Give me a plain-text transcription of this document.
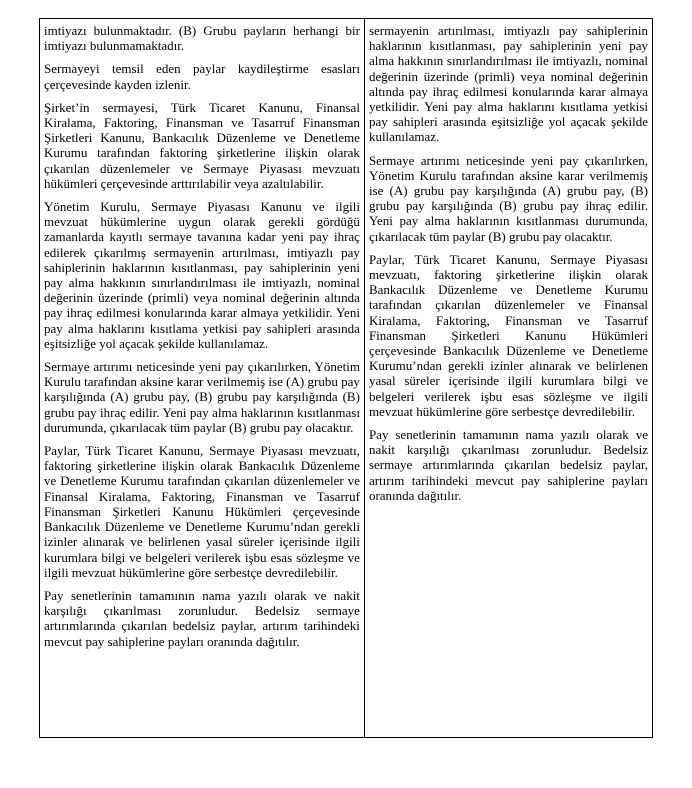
imtiyazı bulunmaktadır. (B) Grubu payların herhangi bir imtiyazı bulunmamaktadır.

Sermayeyi temsil eden paylar kaydileştirme esasları çerçevesinde kayden izlenir.

Şirket’in sermayesi, Türk Ticaret Kanunu, Finansal Kiralama, Faktoring, Finansman ve Tasarruf Finansman Şirketleri Kanunu, Bankacılık Düzenleme ve Denetleme Kurumu tarafından faktoring şirketlerine ilişkin olarak çıkarılan düzenlemeler ve Sermaye Piyasası mevzuatı hükümleri çerçevesinde arttırılabilir veya azaltılabilir.

Yönetim Kurulu, Sermaye Piyasası Kanunu ve ilgili mevzuat hükümlerine uygun olarak gerekli gördüğü zamanlarda kayıtlı sermaye tavanına kadar yeni pay ihraç edilerek çıkarılmış sermayenin artırılması, imtiyazlı pay sahiplerinin haklarının kısıtlanması, pay sahiplerinin yeni pay alma hakkının sınırlandırılması ile imtiyazlı, nominal değerinin üzerinde (primli) veya nominal değerinin altında pay ihraç edilmesi konularında karar almaya yetkilidir. Yeni pay alma haklarını kısıtlama yetkisi pay sahipleri arasında eşitsizliğe yol açacak şekilde kullanılamaz.

Sermaye artırımı neticesinde yeni pay çıkarılırken, Yönetim Kurulu tarafından aksine karar verilmemiş ise (A) grubu pay karşılığında (A) grubu pay, (B) grubu pay karşılığında (B) grubu pay ihraç edilir. Yeni pay alma haklarının kısıtlanması durumunda, çıkarılacak tüm paylar (B) grubu pay olacaktır.

Paylar, Türk Ticaret Kanunu, Sermaye Piyasası mevzuatı, faktoring şirketlerine ilişkin olarak Bankacılık Düzenleme ve Denetleme Kurumu tarafından çıkarılan düzenlemeler ve Finansal Kiralama, Faktoring, Finansman ve Tasarruf Finansman Şirketleri Kanunu Hükümleri çerçevesinde Bankacılık Düzenleme ve Denetleme Kurumu’ndan gerekli izinler alınarak ve belirlenen yasal süreler içerisinde ilgili kurumlara bilgi ve belgeleri verilerek işbu esas sözleşme ve ilgili mevzuat hükümlerine göre serbestçe devredilebilir.

Pay senetlerinin tamamının nama yazılı olarak ve nakit karşılığı çıkarılması zorunludur. Bedelsiz sermaye artırımlarında çıkarılan bedelsiz paylar, artırım tarihindeki mevcut pay sahiplerine payları oranında dağıtılır.

sermayenin artırılması, imtiyazlı pay sahiplerinin haklarının kısıtlanması, pay sahiplerinin yeni pay alma hakkının sınırlandırılması ile imtiyazlı, nominal değerinin üzerinde (primli) veya nominal değerinin altında pay ihraç edilmesi konularında karar almaya yetkilidir. Yeni pay alma haklarını kısıtlama yetkisi pay sahipleri arasında eşitsizliğe yol açacak şekilde kullanılamaz.

Sermaye artırımı neticesinde yeni pay çıkarılırken, Yönetim Kurulu tarafından aksine karar verilmemiş ise (A) grubu pay karşılığında (A) grubu pay, (B) grubu pay karşılığında (B) grubu pay ihraç edilir. Yeni pay alma haklarının kısıtlanması durumunda, çıkarılacak tüm paylar (B) grubu pay olacaktır.

Paylar, Türk Ticaret Kanunu, Sermaye Piyasası mevzuatı, faktoring şirketlerine ilişkin olarak Bankacılık Düzenleme ve Denetleme Kurumu tarafından çıkarılan düzenlemeler ve Finansal Kiralama, Faktoring, Finansman ve Tasarruf Finansman Şirketleri Kanunu Hükümleri çerçevesinde Bankacılık Düzenleme ve Denetleme Kurumu’ndan gerekli izinler alınarak ve belirlenen yasal süreler içerisinde ilgili kurumlara bilgi ve belgeleri verilerek işbu esas sözleşme ve ilgili mevzuat hükümlerine göre serbestçe devredilebilir.

Pay senetlerinin tamamının nama yazılı olarak ve nakit karşılığı çıkarılması zorunludur. Bedelsiz sermaye artırımlarında çıkarılan bedelsiz paylar, artırım tarihindeki mevcut pay sahiplerine payları oranında dağıtılır.
